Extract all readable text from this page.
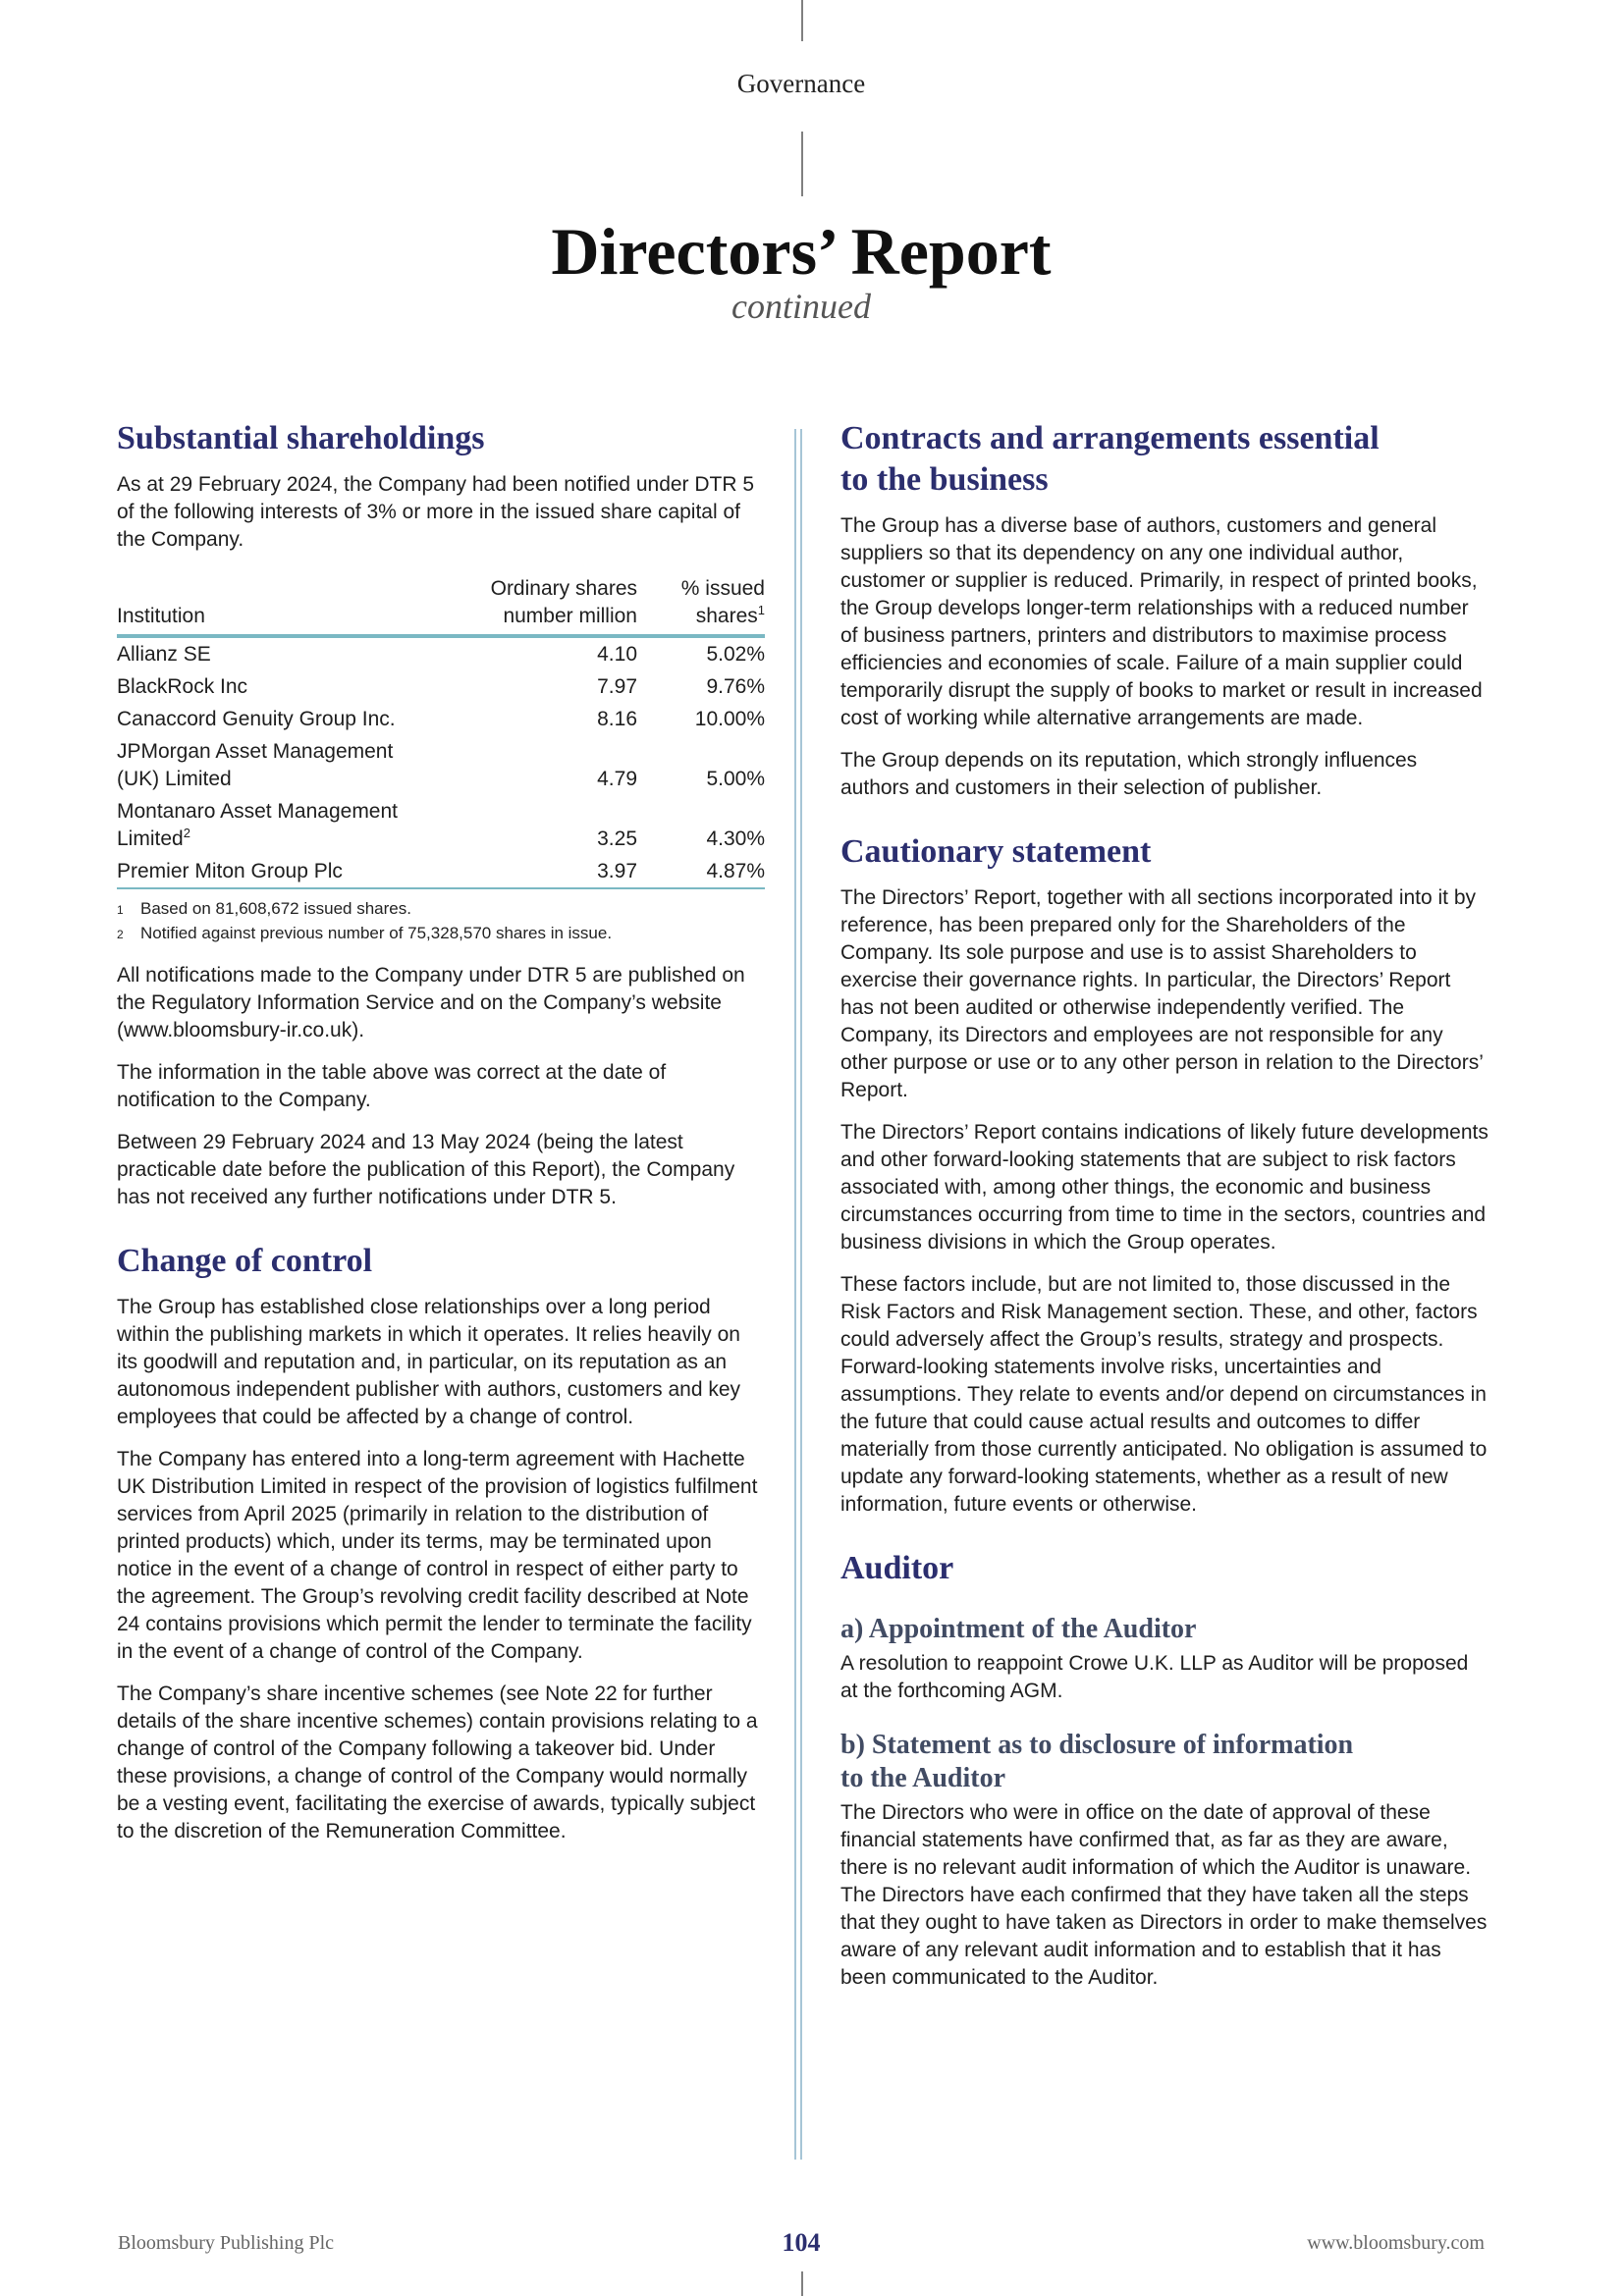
Governance
Directors’ Report
continued
Substantial shareholdings

As at 29 February 2024, the Company had been notified under DTR 5 of the following interests of 3% or more in the issued share capital of the Company.

Institution	Ordinary shares
number million	% issued
shares$^1$
Allianz SE	4.10	5.02%
BlackRock Inc	7.97	9.76%
Canaccord Genuity Group Inc.	8.16	10.00%
JPMorgan Asset Management
(UK) Limited	4.79	5.00%
Montanaro Asset Management
Limited$^2$	3.25	4.30%
Premier Miton Group Plc	3.97	4.87%
1	Based on 81,608,672 issued shares.
2	Notified against previous number of 75,328,570 shares in issue.

All notifications made to the Company under DTR 5 are published on the Regulatory Information Service and on the Company’s website (www.bloomsbury-ir.co.uk).

The information in the table above was correct at the date of notification to the Company.

Between 29 February 2024 and 13 May 2024 (being the latest practicable date before the publication of this Report), the Company has not received any further notifications under DTR 5.

Change of control

The Group has established close relationships over a long period within the publishing markets in which it operates. It relies heavily on its goodwill and reputation and, in particular, on its reputation as an autonomous independent publisher with authors, customers and key employees that could be affected by a change of control.

The Company has entered into a long-term agreement with Hachette UK Distribution Limited in respect of the provision of logistics fulfilment services from April 2025 (primarily in relation to the distribution of printed products) which, under its terms, may be terminated upon notice in the event of a change of control in respect of either party to the agreement. The Group’s revolving credit facility described at Note 24 contains provisions which permit the lender to terminate the facility in the event of a change of control of the Company.

The Company’s share incentive schemes (see Note 22 for further details of the share incentive schemes) contain provisions relating to a change of control of the Company following a takeover bid. Under these provisions, a change of control of the Company would normally be a vesting event, facilitating the exercise of awards, typically subject to the discretion of the Remuneration Committee.

Contracts and arrangements essential
to the business

The Group has a diverse base of authors, customers and general suppliers so that its dependency on any one individual author, customer or supplier is reduced. Primarily, in respect of printed books, the Group develops longer-term relationships with a reduced number of business partners, printers and distributors to maximise process efficiencies and economies of scale. Failure of a main supplier could temporarily disrupt the supply of books to market or result in increased cost of working while alternative arrangements are made.

The Group depends on its reputation, which strongly influences authors and customers in their selection of publisher.

Cautionary statement

The Directors’ Report, together with all sections incorporated into it by reference, has been prepared only for the Shareholders of the Company. Its sole purpose and use is to assist Shareholders to exercise their governance rights. In particular, the Directors’ Report has not been audited or otherwise independently verified. The Company, its Directors and employees are not responsible for any other purpose or use or to any other person in relation to the Directors’ Report.

The Directors’ Report contains indications of likely future developments and other forward-looking statements that are subject to risk factors associated with, among other things, the economic and business circumstances occurring from time to time in the sectors, countries and business divisions in which the Group operates.

These factors include, but are not limited to, those discussed in the Risk Factors and Risk Management section. These, and other, factors could adversely affect the Group’s results, strategy and prospects. Forward-looking statements involve risks, uncertainties and assumptions. They relate to events and/or depend on circumstances in the future that could cause actual results and outcomes to differ materially from those currently anticipated. No obligation is assumed to update any forward-looking statements, whether as a result of new information, future events or otherwise.

Auditor
a) Appointment of the Auditor

A resolution to reappoint Crowe U.K. LLP as Auditor will be proposed at the forthcoming AGM.

b) Statement as to disclosure of information
to the Auditor

The Directors who were in office on the date of approval of these financial statements have confirmed that, as far as they are aware, there is no relevant audit information of which the Auditor is unaware. The Directors have each confirmed that they have taken all the steps that they ought to have taken as Directors in order to make themselves aware of any relevant audit information and to establish that it has been communicated to the Auditor.

Bloomsbury Publishing Plc	104	www.bloomsbury.com
